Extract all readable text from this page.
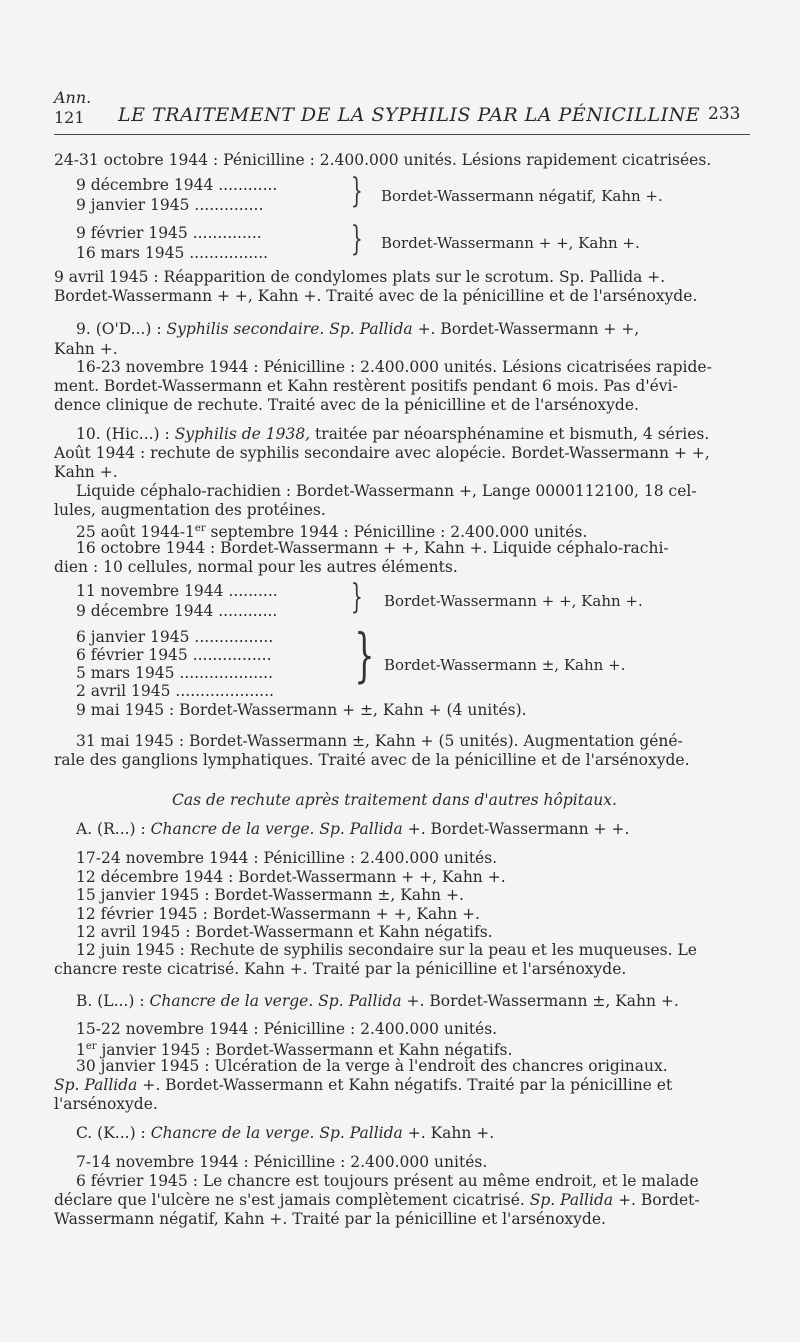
Ann.
121 LE TRAITEMENT DE LA SYPHILIS PAR LA PÉNICILLINE 233
24-31 octobre 1944 : Pénicilline : 2.400.000 unités. Lésions rapidement cicatrisées.
9 décembre 1944 ............
9 janvier 1945 ..............	} Bordet-Wassermann négatif, Kahn +.
9 février 1945 ..............
16 mars 1945 ................ } Bordet-Wassermann + +, Kahn +.
9 avril 1945 : Réapparition de condylomes plats sur le scrotum. Sp. Pallida +.
Bordet-Wassermann + +, Kahn +. Traité avec de la pénicilline et de l'arsénoxyde.
9. (O'D...) : Syphilis secondaire. Sp. Pallida +. Bordet-Wassermann + +,
Kahn +.
16-23 novembre 1944 : Pénicilline : 2.400.000 unités. Lésions cicatrisées rapide-
ment. Bordet-Wassermann et Kahn restèrent positifs pendant 6 mois. Pas d'évi-
dence clinique de rechute. Traité avec de la pénicilline et de l'arsénoxyde.
10. (Hic...) : Syphilis de 1938, traitée par néoarsphénamine et bismuth, 4 séries.
Août 1944 : rechute de syphilis secondaire avec alopécie. Bordet-Wassermann + +,
Kahn +.
Liquide céphalo-rachidien : Bordet-Wassermann +, Lange 0000112100, 18 cel-
lules, augmentation des protéines.
25 août 1944-1er septembre 1944 : Pénicilline : 2.400.000 unités.
16 octobre 1944 : Bordet-Wassermann + +, Kahn +. Liquide céphalo-rachi-
dien : 10 cellules, normal pour les autres éléments.
11 novembre 1944 ..........
9 décembre 1944 ............ } Bordet-Wassermann + +, Kahn +.
6 janvier 1945 ................
6 février 1945 ................
5 mars 1945 ...................
2 avril 1945 ....................
} Bordet-Wassermann ±, Kahn +.
9 mai 1945 : Bordet-Wassermann + ±, Kahn + (4 unités).
31 mai 1945 : Bordet-Wassermann ±, Kahn + (5 unités). Augmentation géné-
rale des ganglions lymphatiques. Traité avec de la pénicilline et de l'arsénoxyde.
Cas de rechute après traitement dans d'autres hôpitaux.
A. (R...) : Chancre de la verge. Sp. Pallida +. Bordet-Wassermann + +.
17-24 novembre 1944 : Pénicilline : 2.400.000 unités.
12 décembre 1944 : Bordet-Wassermann + +, Kahn +.
15 janvier 1945 : Bordet-Wassermann ±, Kahn +.
12 février 1945 : Bordet-Wassermann + +, Kahn +.
12 avril 1945 : Bordet-Wassermann et Kahn négatifs.
12 juin 1945 : Rechute de syphilis secondaire sur la peau et les muqueuses. Le
chancre reste cicatrisé. Kahn +. Traité par la pénicilline et l'arsénoxyde.
B. (L...) : Chancre de la verge. Sp. Pallida +. Bordet-Wassermann ±, Kahn +.
15-22 novembre 1944 : Pénicilline : 2.400.000 unités.
1er janvier 1945 : Bordet-Wassermann et Kahn négatifs.
30 janvier 1945 : Ulcération de la verge à l'endroit des chancres originaux.
Sp. Pallida +. Bordet-Wassermann et Kahn négatifs. Traité par la pénicilline et
l'arsénoxyde.
C. (K...) : Chancre de la verge. Sp. Pallida +. Kahn +.
7-14 novembre 1944 : Pénicilline : 2.400.000 unités.
6 février 1945 : Le chancre est toujours présent au même endroit, et le malade
déclare que l'ulcère ne s'est jamais complètement cicatrisé. Sp. Pallida +. Bordet-
Wassermann négatif, Kahn +. Traité par la pénicilline et l'arsénoxyde.
